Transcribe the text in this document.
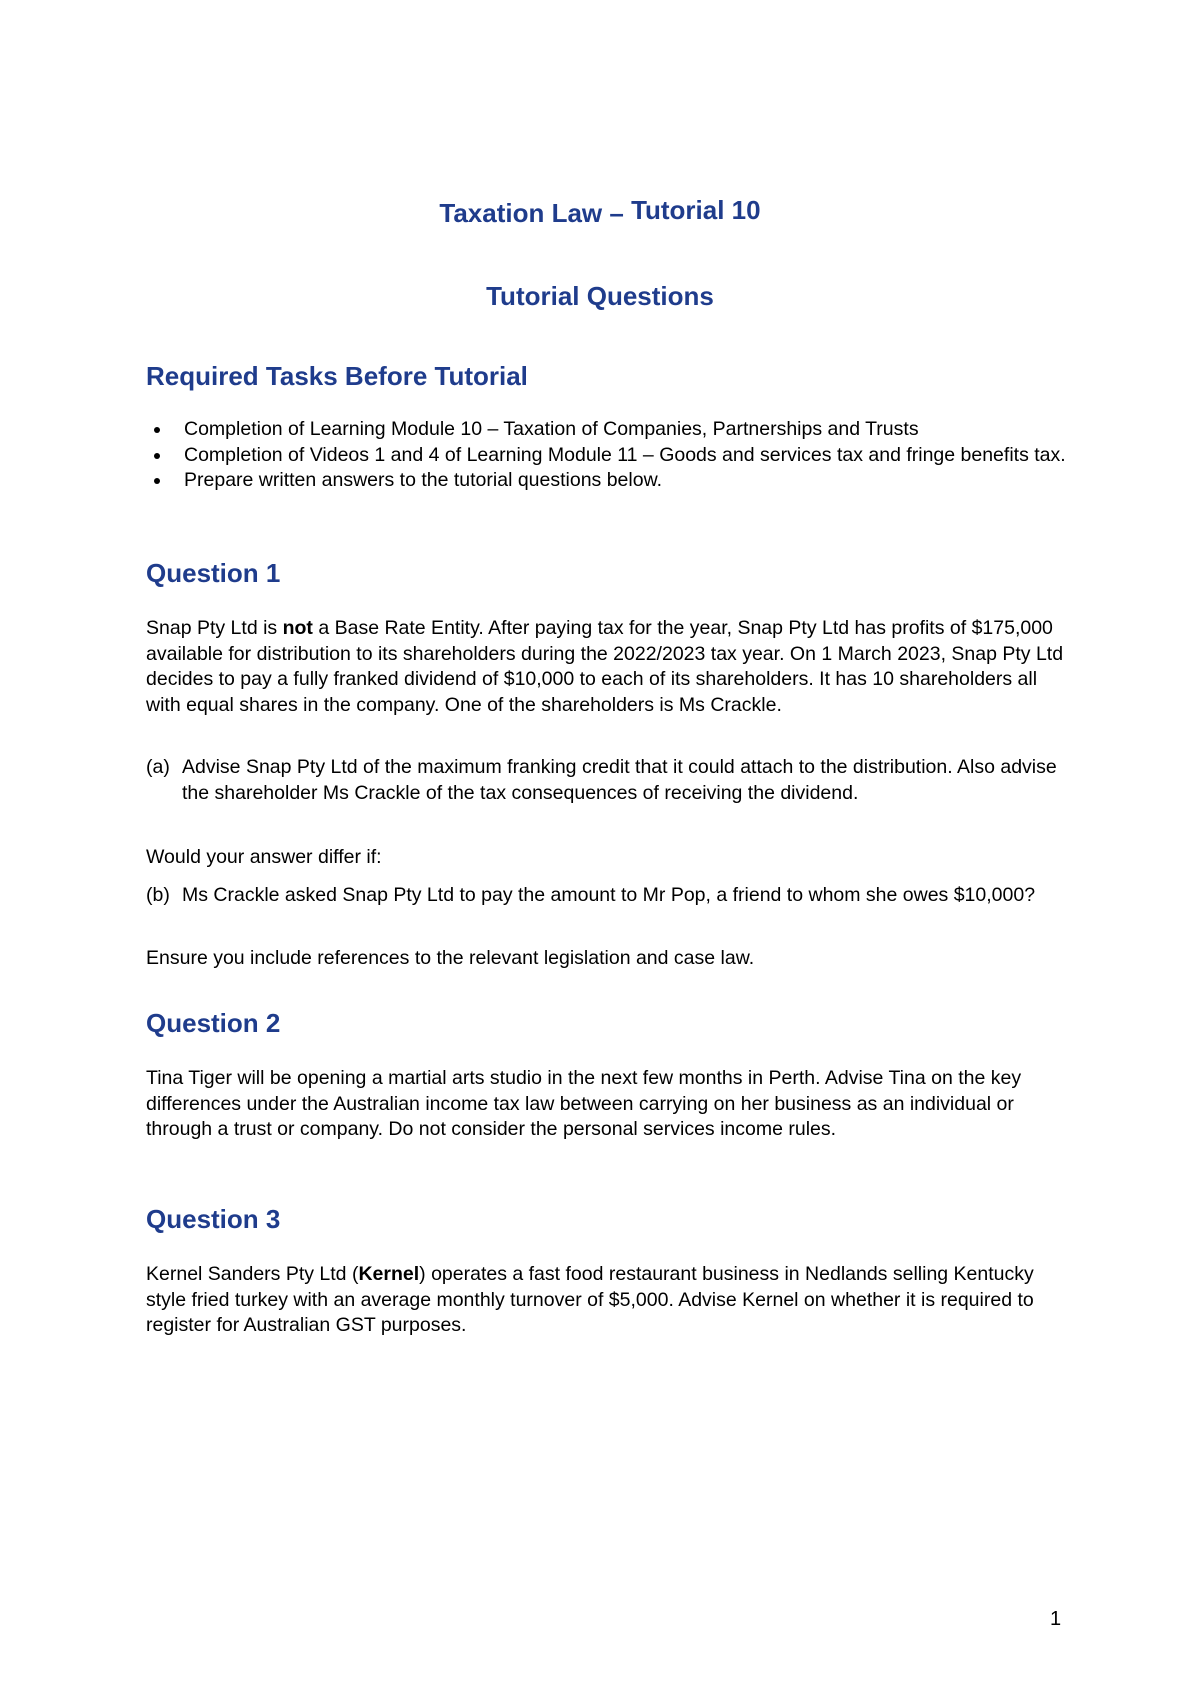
Taxation Law – Tutorial 10
Tutorial Questions
Required Tasks Before Tutorial
Completion of Learning Module 10 – Taxation of Companies, Partnerships and Trusts
Completion of Videos 1 and 4 of Learning Module 11 – Goods and services tax and fringe benefits tax.
Prepare written answers to the tutorial questions below.
Question 1

Snap Pty Ltd is not a Base Rate Entity. After paying tax for the year, Snap Pty Ltd has profits of $175,000 available for distribution to its shareholders during the 2022/2023 tax year. On 1 March 2023, Snap Pty Ltd decides to pay a fully franked dividend of $10,000 to each of its shareholders. It has 10 shareholders all with equal shares in the company. One of the shareholders is Ms Crackle.

(a) Advise Snap Pty Ltd of the maximum franking credit that it could attach to the distribution. Also advise the shareholder Ms Crackle of the tax consequences of receiving the dividend.
Would your answer differ if:
(b) Ms Crackle asked Snap Pty Ltd to pay the amount to Mr Pop, a friend to whom she owes $10,000?
Ensure you include references to the relevant legislation and case law.
Question 2
Tina Tiger will be opening a martial arts studio in the next few months in Perth. Advise Tina on the key differences under the Australian income tax law between carrying on her business as an individual or through a trust or company. Do not consider the personal services income rules.
Question 3

Kernel Sanders Pty Ltd (Kernel) operates a fast food restaurant business in Nedlands selling Kentucky style fried turkey with an average monthly turnover of $5,000. Advise Kernel on whether it is required to register for Australian GST purposes.

1
